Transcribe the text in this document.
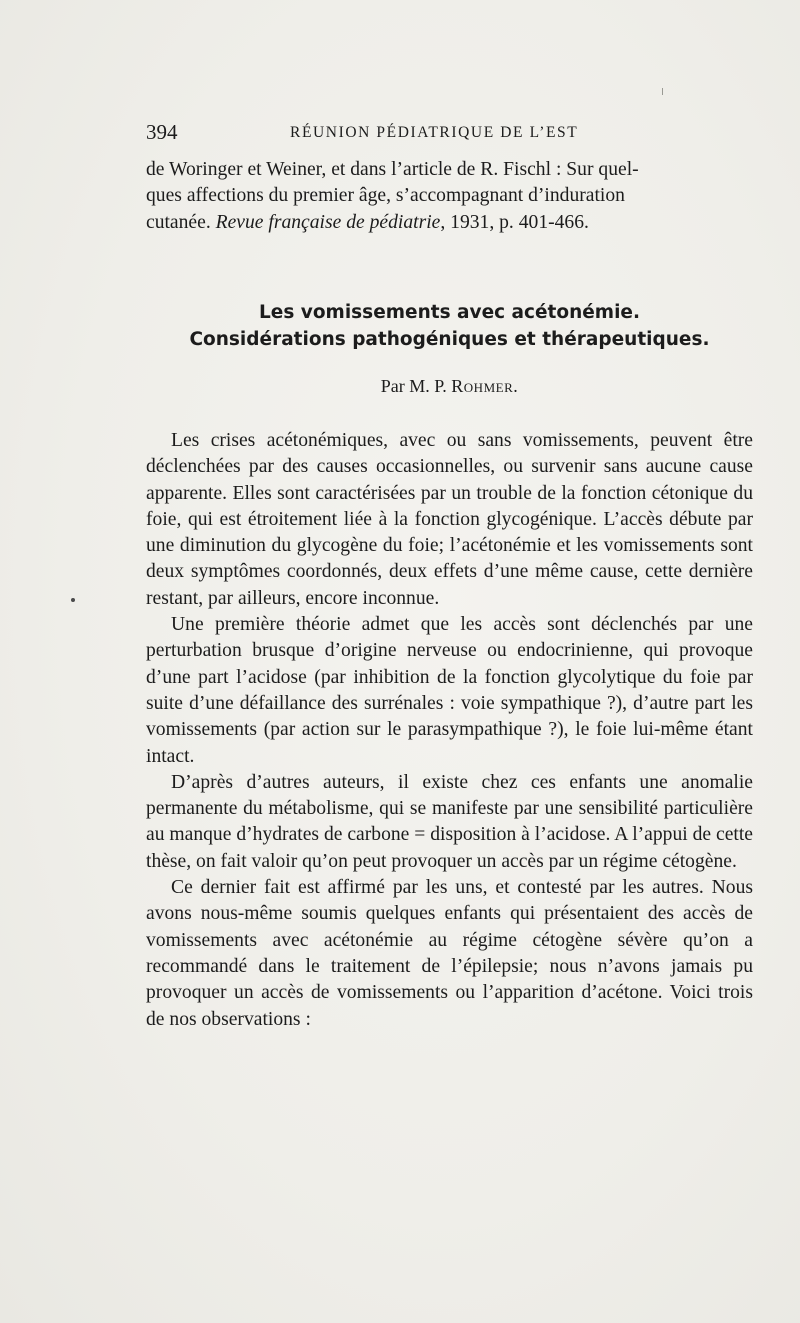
394	RÉUNION PÉDIATRIQUE DE L’EST

de Woringer et Weiner, et dans l’article de R. Fischl : Sur quel-

ques affections du premier âge, s’accompagnant d’induration

cutanée. Revue française de pédiatrie, 1931, p. 401-466.

Les vomissements avec acétonémie.
Considérations pathogéniques et thérapeutiques.
Par M. P. Rohmer.

Les crises acétonémiques, avec ou sans vomissements, peuvent être déclenchées par des causes occasionnelles, ou survenir sans aucune cause apparente. Elles sont caractérisées par un trouble de la fonction cétonique du foie, qui est étroitement liée à la fonction glycogénique. L’accès débute par une diminution du glycogène du foie; l’acétonémie et les vomissements sont deux symptômes coordonnés, deux effets d’une même cause, cette dernière restant, par ailleurs, encore inconnue.

Une première théorie admet que les accès sont déclenchés par une perturbation brusque d’origine nerveuse ou endocrinienne, qui provoque d’une part l’acidose (par inhibition de la fonction glycolytique du foie par suite d’une défaillance des surrénales : voie sympathique ?), d’autre part les vomissements (par action sur le parasympathique ?), le foie lui-même étant intact.

D’après d’autres auteurs, il existe chez ces enfants une anomalie permanente du métabolisme, qui se manifeste par une sensibilité particulière au manque d’hydrates de carbone = disposition à l’acidose. A l’appui de cette thèse, on fait valoir qu’on peut provoquer un accès par un régime cétogène.

Ce dernier fait est affirmé par les uns, et contesté par les autres. Nous avons nous-même soumis quelques enfants qui présentaient des accès de vomissements avec acétonémie au régime cétogène sévère qu’on a recommandé dans le traitement de l’épilepsie; nous n’avons jamais pu provoquer un accès de vomissements ou l’apparition d’acétone. Voici trois de nos observations :
